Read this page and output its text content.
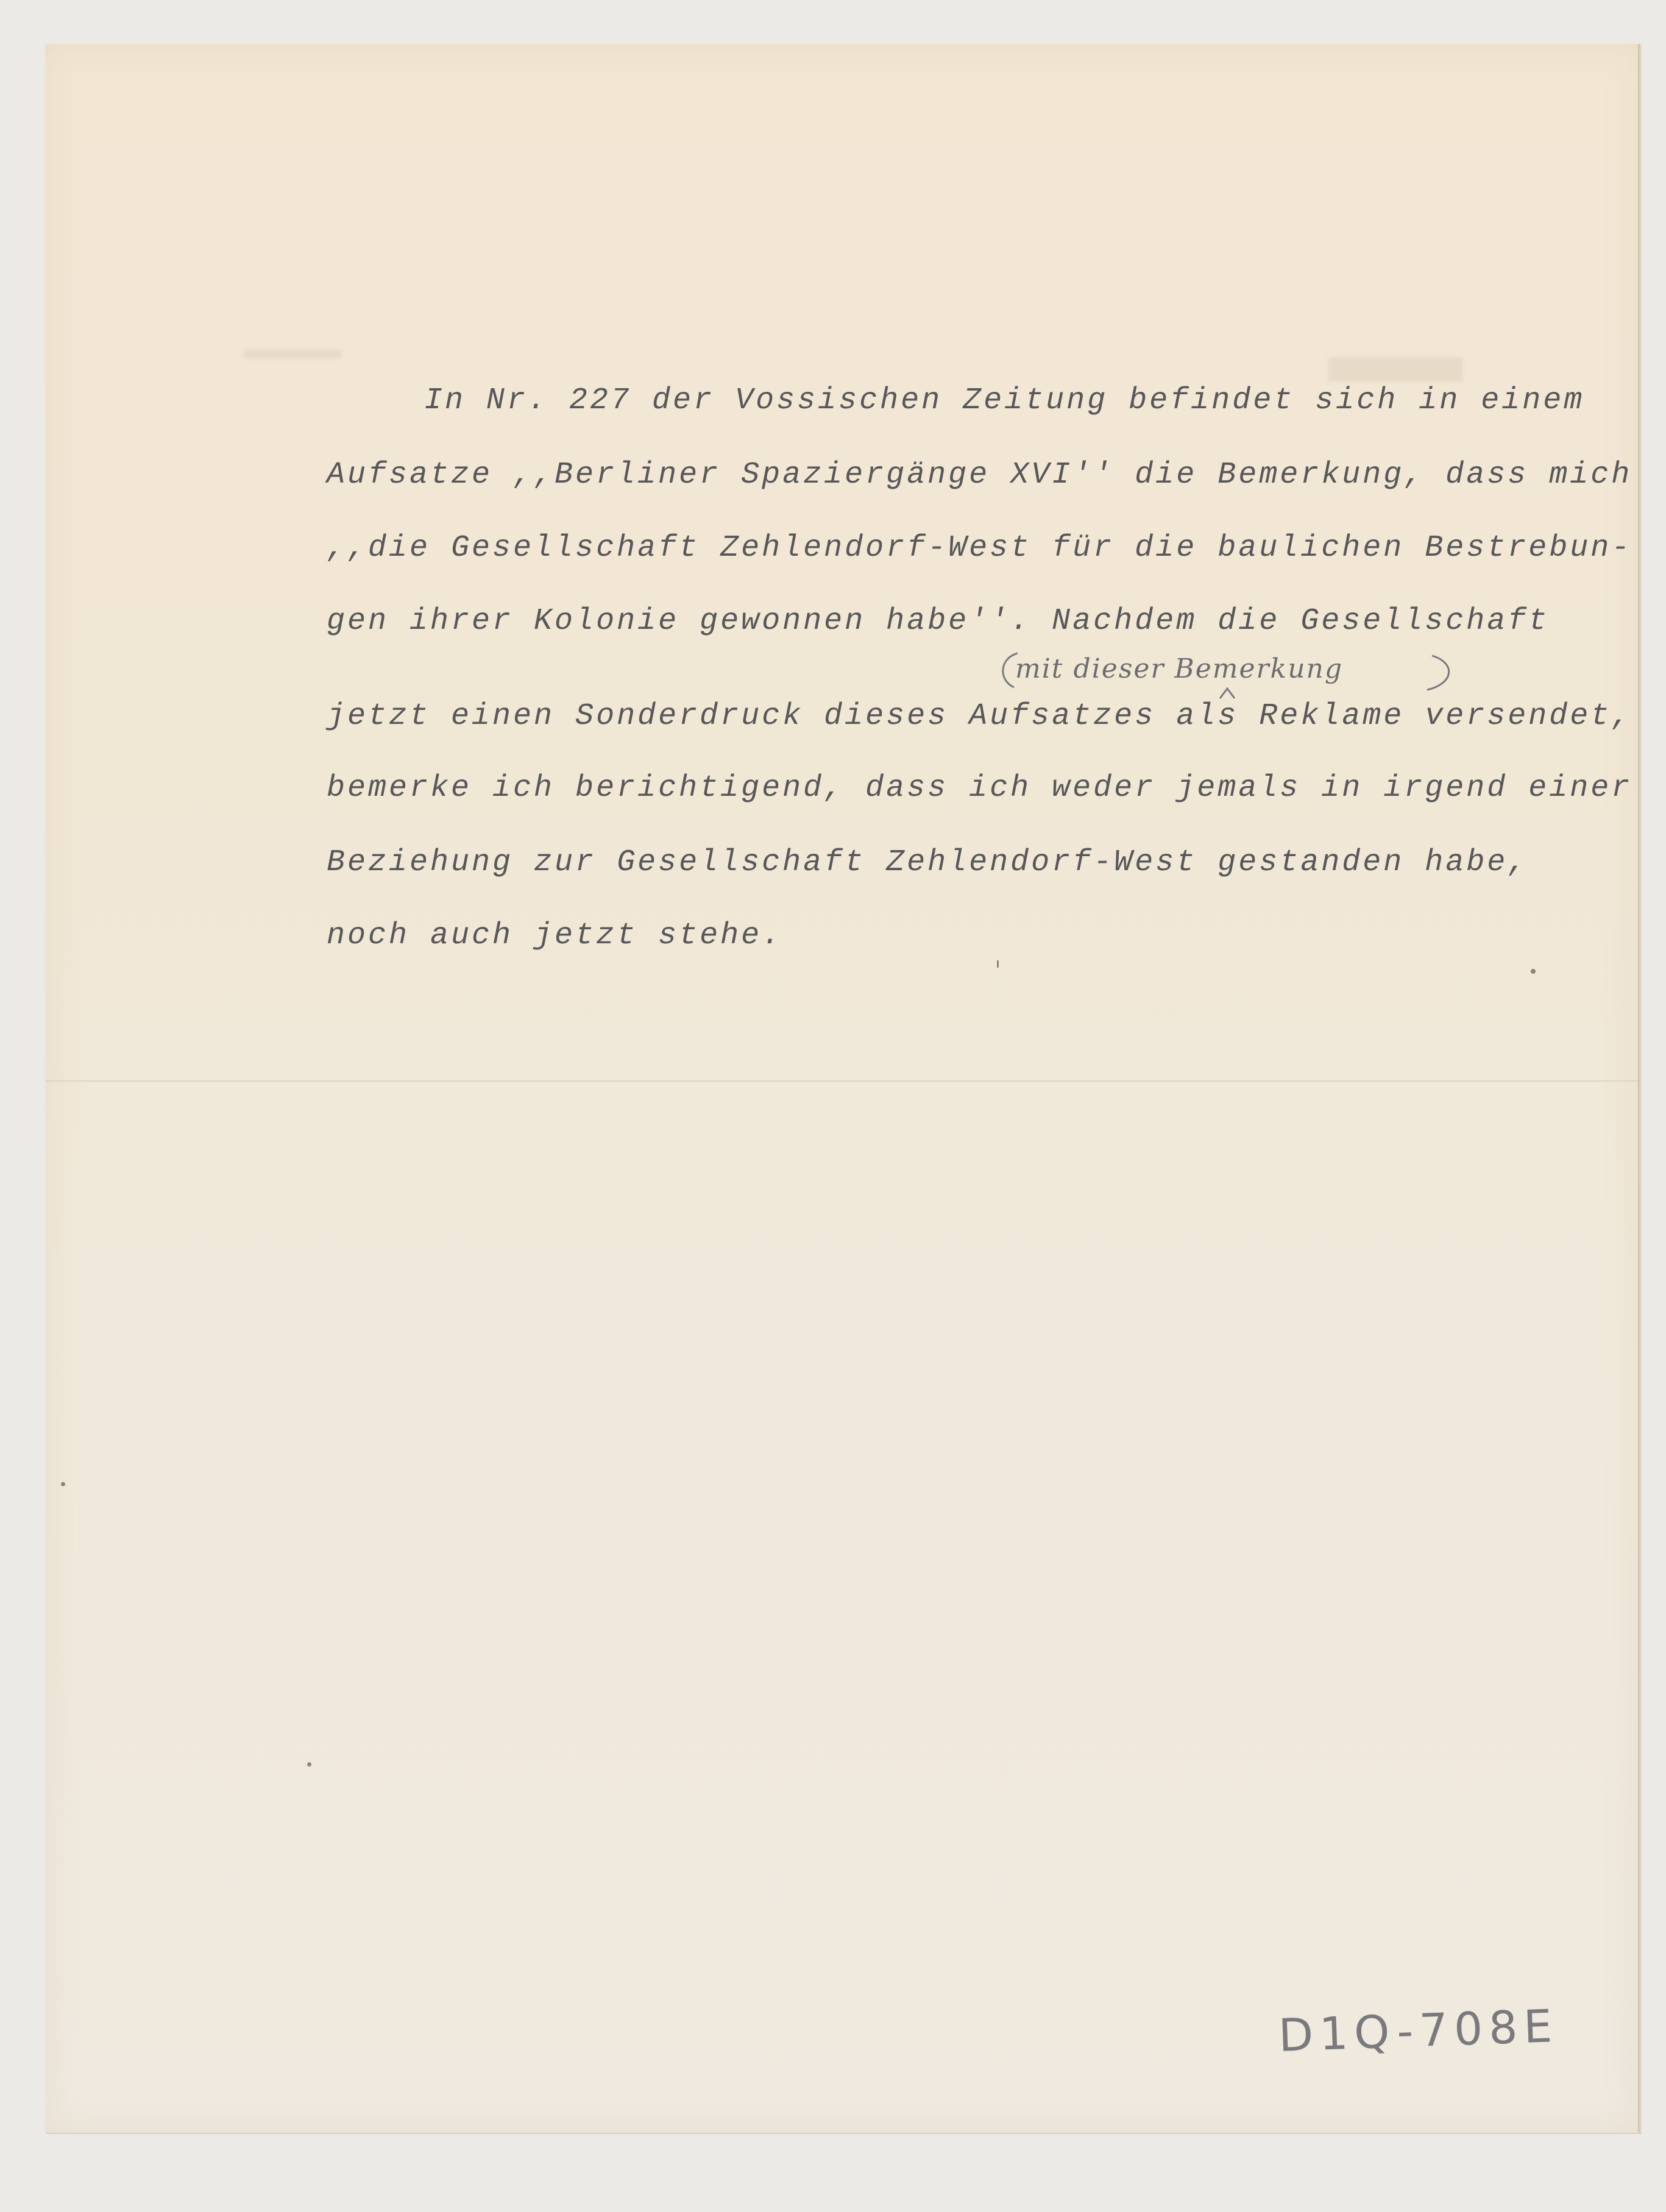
In Nr. 227 der Vossischen Zeitung befindet sich in einem
Aufsatze ,,Berliner Spaziergänge XVI'' die Bemerkung, dass mich
,,die Gesellschaft Zehlendorf-West für die baulichen Bestrebun-
gen ihrer Kolonie gewonnen habe''. Nachdem die Gesellschaft
jetzt einen Sonderdruck dieses Aufsatzes als Reklame versendet,
bemerke ich berichtigend, dass ich weder jemals in irgend einer
Beziehung zur Gesellschaft Zehlendorf-West gestanden habe,
noch auch jetzt stehe.
mit dieser Bemerkung
D1Q-708E
